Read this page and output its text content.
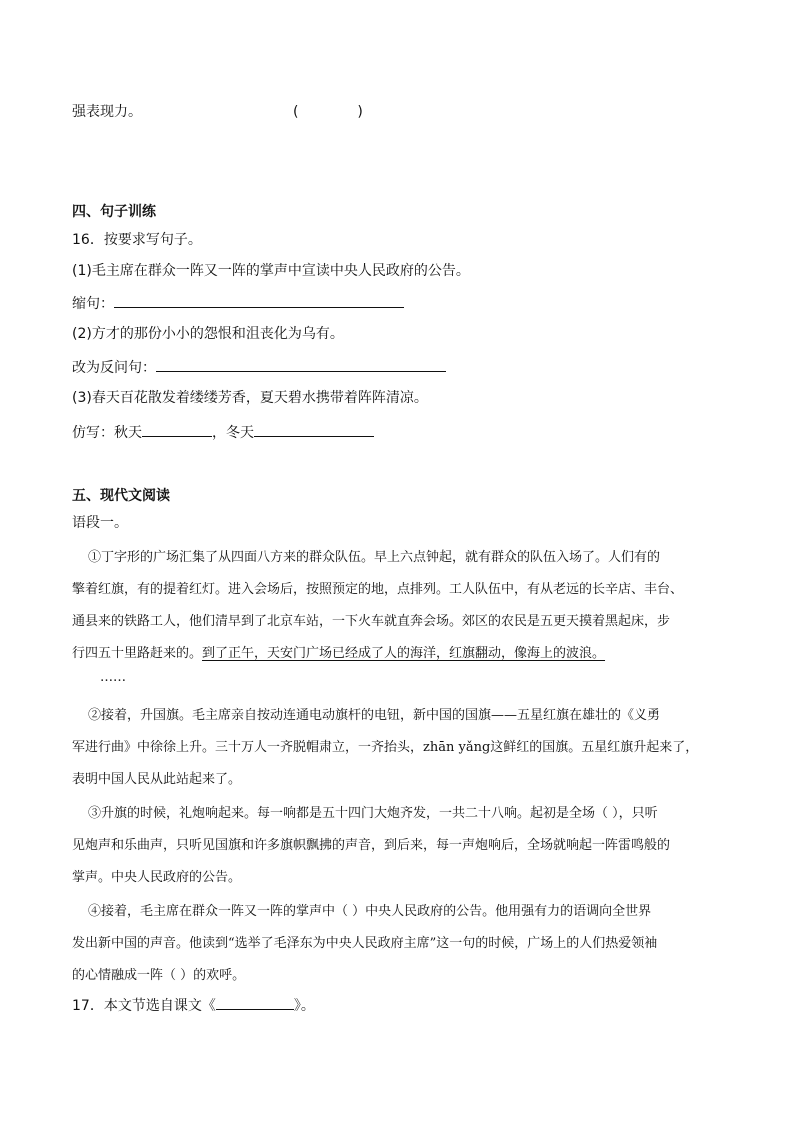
强表现力。	(	)
四、句子训练
16．按要求写句子。
(1)毛主席在群众一阵又一阵的掌声中宣读中央人民政府的公告。
缩句：
(2)方才的那份小小的怨恨和沮丧化为乌有。
改为反问句：
(3)春天百花散发着缕缕芳香，夏天碧水携带着阵阵清凉。
仿写：秋天	，冬天
五、现代文阅读
语段一。
①丁字形的广场汇集了从四面八方来的群众队伍。早上六点钟起，就有群众的队伍入场了。人们有的
擎着红旗，有的提着红灯。进入会场后，按照预定的地，点排列。工人队伍中，有从老远的长辛店、丰台、
通县来的铁路工人，他们清早到了北京车站，一下火车就直奔会场。郊区的农民是五更天摸着黑起床，步
行四五十里路赶来的。到了正午，天安门广场已经成了人的海洋，红旗翻动，像海上的波浪。
……
②接着，升国旗。毛主席亲自按动连通电动旗杆的电钮，新中国的国旗——五星红旗在雄壮的《义勇
军进行曲》中徐徐上升。三十万人一齐脱帽肃立，一齐抬头，zhān yǎng这鲜红的国旗。五星红旗升起来了，
表明中国人民从此站起来了。
③升旗的时候，礼炮响起来。每一响都是五十四门大炮齐发，一共二十八响。起初是全场（ ），只听
见炮声和乐曲声，只听见国旗和许多旗帜飘拂的声音，到后来，每一声炮响后，全场就响起一阵雷鸣般的
掌声。中央人民政府的公告。
④接着，毛主席在群众一阵又一阵的掌声中（ ）中央人民政府的公告。他用强有力的语调向全世界
发出新中国的声音。他读到“选举了毛泽东为中央人民政府主席”这一句的时候，广场上的人们热爱领袖
的心情融成一阵（ ）的欢呼。
17．本文节选自课文《	》。
